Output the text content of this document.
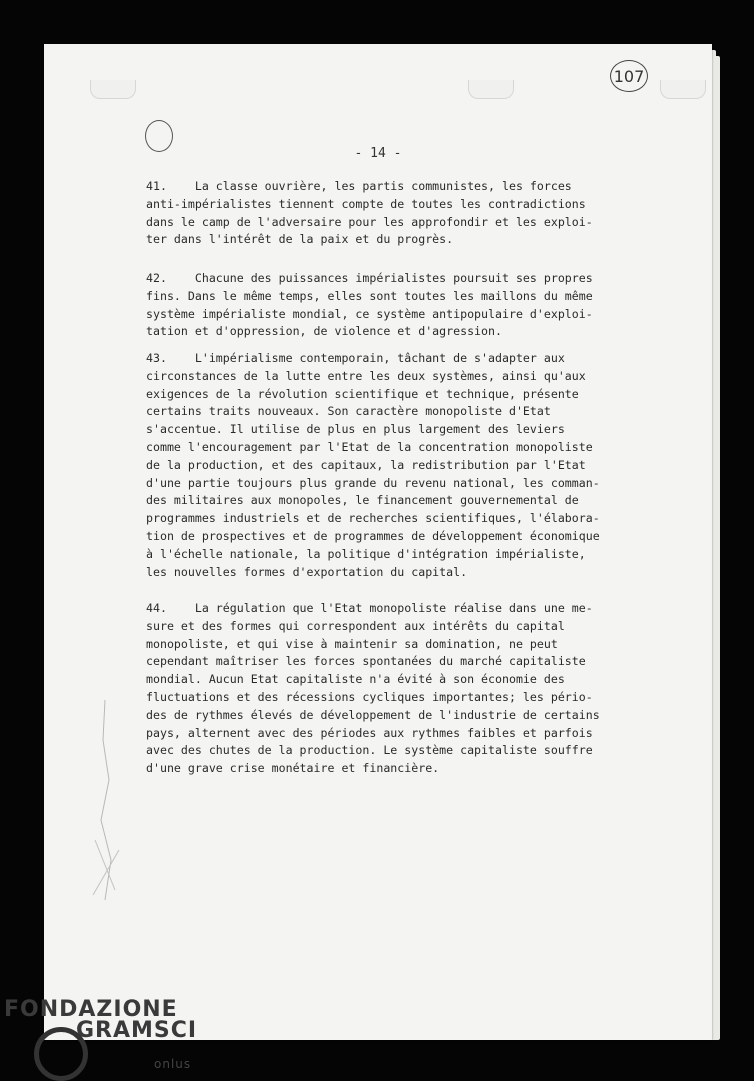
107
- 14 -
41.    La classe ouvrière, les partis communistes, les forces
anti-impérialistes tiennent compte de toutes les contradictions
dans le camp de l'adversaire pour les approfondir et les exploi-
ter dans l'intérêt de la paix et du progrès.
42.    Chacune des puissances impérialistes poursuit ses propres
fins. Dans le même temps, elles sont toutes les maillons du même
système impérialiste mondial, ce système antipopulaire d'exploi-
tation et d'oppression, de violence et d'agression.
43.    L'impérialisme contemporain, tâchant de s'adapter aux
circonstances de la lutte entre les deux systèmes, ainsi qu'aux
exigences de la révolution scientifique et technique, présente
certains traits nouveaux. Son caractère monopoliste d'Etat
s'accentue. Il utilise de plus en plus largement des leviers
comme l'encouragement par l'Etat de la concentration monopoliste
de la production, et des capitaux, la redistribution par l'Etat
d'une partie toujours plus grande du revenu national, les comman-
des militaires aux monopoles, le financement gouvernemental de
programmes industriels et de recherches scientifiques, l'élabora-
tion de prospectives et de programmes de développement économique
à l'échelle nationale, la politique d'intégration impérialiste,
les nouvelles formes d'exportation du capital.
44.    La régulation que l'Etat monopoliste réalise dans une me-
sure et des formes qui correspondent aux intérêts du capital
monopoliste, et qui vise à maintenir sa domination, ne peut
cependant maîtriser les forces spontanées du marché capitaliste
mondial. Aucun Etat capitaliste n'a évité à son économie des
fluctuations et des récessions cycliques importantes; les pério-
des de rythmes élevés de développement de l'industrie de certains
pays, alternent avec des périodes aux rythmes faibles et parfois
avec des chutes de la production. Le système capitaliste souffre
d'une grave crise monétaire et financière.
FONDAZIONE
GRAMSCI
onlus
